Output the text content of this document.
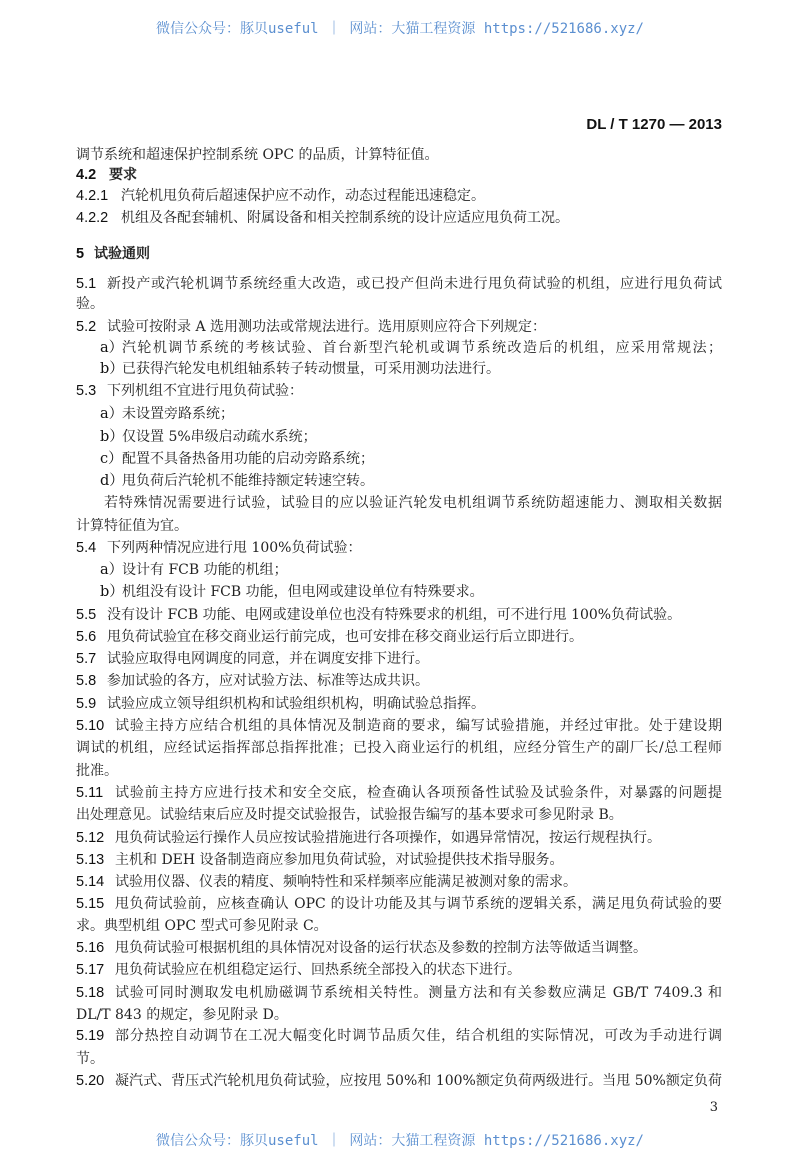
微信公众号：豚贝useful ｜ 网站：大猫工程资源 https://521686.xyz/
DL / T 1270 — 2013
调节系统和超速保护控制系统 OPC 的品质，计算特征值。
4.2 要求
4.2.1 汽轮机甩负荷后超速保护应不动作，动态过程能迅速稳定。
4.2.2 机组及各配套辅机、附属设备和相关控制系统的设计应适应甩负荷工况。
5 试验通则
5.1 新投产或汽轮机调节系统经重大改造，或已投产但尚未进行甩负荷试验的机组，应进行甩负荷试
验。
5.2 试验可按附录 A 选用测功法或常规法进行。选用原则应符合下列规定：
a）
汽轮机调节系统的考核试验、首台新型汽轮机或调节系统改造后的机组，应采用常规法；
b）
已获得汽轮发电机组轴系转子转动惯量，可采用测功法进行。
5.3 下列机组不宜进行甩负荷试验：
a）
未设置旁路系统；
b）
仅设置 5%串级启动疏水系统；
c） 配置不具备热备用功能的启动旁路系统；
d）
甩负荷后汽轮机不能维持额定转速空转。
若特殊情况需要进行试验，试验目的应以验证汽轮发电机组调节系统防超速能力、测取相关数据
计算特征值为宜。
5.4 下列两种情况应进行甩 100%负荷试验：
a）
设计有 FCB 功能的机组；
b）
机组没有设计 FCB 功能，但电网或建设单位有特殊要求。
5.5 没有设计 FCB 功能、电网或建设单位也没有特殊要求的机组，可不进行甩 100%负荷试验。
5.6 甩负荷试验宜在移交商业运行前完成，也可安排在移交商业运行后立即进行。
5.7 试验应取得电网调度的同意，并在调度安排下进行。
5.8 参加试验的各方，应对试验方法、标准等达成共识。
5.9 试验应成立领导组织机构和试验组织机构，明确试验总指挥。
5.10 试验主持方应结合机组的具体情况及制造商的要求，编写试验措施，并经过审批。处于建设期
调试的机组，应经试运指挥部总指挥批准；已投入商业运行的机组，应经分管生产的副厂长/总工程师
批准。
5.11 试验前主持方应进行技术和安全交底，检查确认各项预备性试验及试验条件，对暴露的问题提
出处理意见。试验结束后应及时提交试验报告，试验报告编写的基本要求可参见附录 B。
5.12 甩负荷试验运行操作人员应按试验措施进行各项操作，如遇异常情况，按运行规程执行。
5.13 主机和 DEH 设备制造商应参加甩负荷试验，对试验提供技术指导服务。
5.14 试验用仪器、仪表的精度、频响特性和采样频率应能满足被测对象的需求。
5.15 甩负荷试验前，应核查确认 OPC 的设计功能及其与调节系统的逻辑关系，满足甩负荷试验的要
求。典型机组 OPC 型式可参见附录 C。
5.16 甩负荷试验可根据机组的具体情况对设备的运行状态及参数的控制方法等做适当调整。
5.17 甩负荷试验应在机组稳定运行、回热系统全部投入的状态下进行。
5.18 试验可同时测取发电机励磁调节系统相关特性。测量方法和有关参数应满足 GB/T 7409.3 和
DL/T 843 的规定，参见附录 D。
5.19 部分热控自动调节在工况大幅变化时调节品质欠佳，结合机组的实际情况，可改为手动进行调
节。
5.20 凝汽式、背压式汽轮机甩负荷试验，应按甩 50%和 100%额定负荷两级进行。当甩 50%额定负荷
3
微信公众号：豚贝useful ｜ 网站：大猫工程资源 https://521686.xyz/
